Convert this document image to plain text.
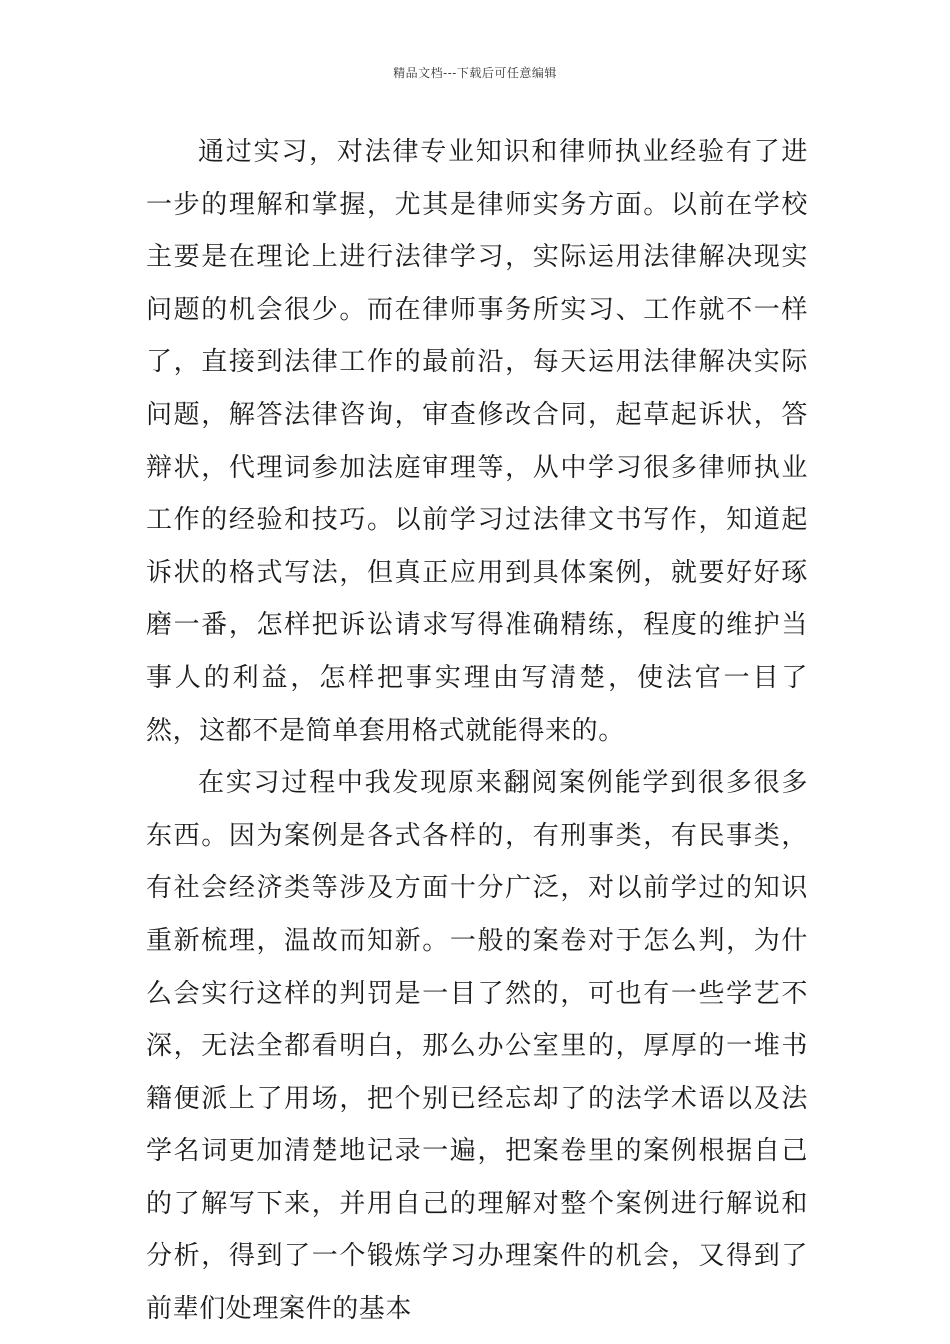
精品文档---下载后可任意编辑

通过实习，对法律专业知识和律师执业经验有了进一步的理解和掌握，尤其是律师实务方面。以前在学校主要是在理论上进行法律学习，实际运用法律解决现实问题的机会很少。而在律师事务所实习、工作就不一样了，直接到法律工作的最前沿，每天运用法律解决实际问题，解答法律咨询，审查修改合同，起草起诉状，答辩状，代理词参加法庭审理等，从中学习很多律师执业工作的经验和技巧。以前学习过法律文书写作，知道起诉状的格式写法，但真正应用到具体案例，就要好好琢磨一番，怎样把诉讼请求写得准确精练，程度的维护当事人的利益，怎样把事实理由写清楚，使法官一目了然，这都不是简单套用格式就能得来的。

在实习过程中我发现原来翻阅案例能学到很多很多东西。因为案例是各式各样的，有刑事类，有民事类，有社会经济类等涉及方面十分广泛，对以前学过的知识重新梳理，温故而知新。一般的案卷对于怎么判，为什么会实行这样的判罚是一目了然的，可也有一些学艺不深，无法全都看明白，那么办公室里的，厚厚的一堆书籍便派上了用场，把个别已经忘却了的法学术语以及法学名词更加清楚地记录一遍，把案卷里的案例根据自己的了解写下来，并用自己的理解对整个案例进行解说和分析，得到了一个锻炼学习办理案件的机会，又得到了前辈们处理案件的基本
